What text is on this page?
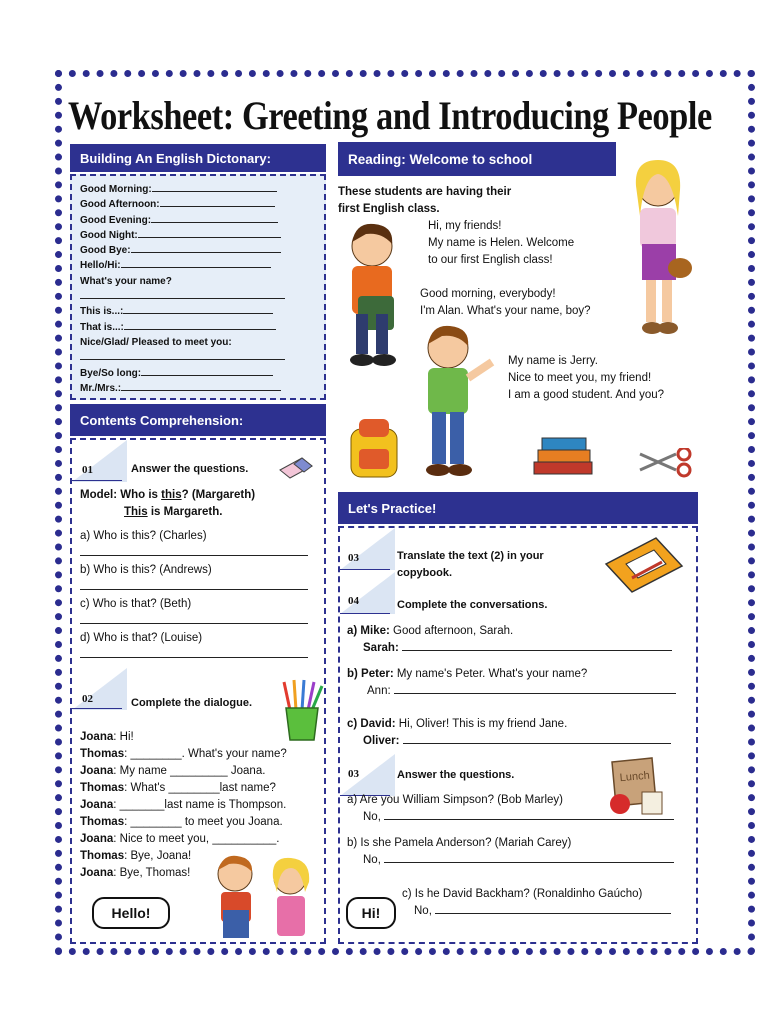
Worksheet: Greeting and Introducing People
Building An English Dictonary:
Good Morning:
Good Afternoon:
Good Evening:
Good Night:
Good Bye:
Hello/Hi:
What's your name?
This is...:
That is...:
Nice/Glad/ Pleased to meet you:
Bye/So long:
Mr./Mrs.:
Contents Comprehension:
01	Answer the questions.
Model: Who is this? (Margareth)
This is Margareth.
a) Who is this? (Charles)
b) Who is this? (Andrews)
c) Who is that? (Beth)
d) Who is that? (Louise)
02	Complete the dialogue.
Joana: Hi!
Thomas: ________. What's your name?
Joana: My name _________ Joana.
Thomas: What's ________last name?
Joana: _______last name is Thompson.
Thomas: ________ to meet you Joana.
Joana: Nice to meet you, __________.
Thomas: Bye, Joana!
Joana: Bye, Thomas!
Hello!	Hi!
Reading: Welcome to school
These students are having their
first English class.
Hi, my friends!
My name is Helen. Welcome
to our first English class!
Good morning, everybody!
I'm Alan. What's your name, boy?
My name is Jerry.
Nice to meet you, my friend!
I am a good student. And you?
Let's Practice!
03	Translate the text (2) in your
copybook.
04	Complete the conversations.
a) Mike: Good afternoon, Sarah.
Sarah:
b) Peter: My name's Peter. What's your name?
Ann:
c) David: Hi, Oliver! This is my friend Jane.
Oliver:
03	Answer the questions.	Lunch
a) Are you William Simpson? (Bob Marley)
No,
b) Is she Pamela Anderson? (Mariah Carey)
No,
c) Is he David Backham? (Ronaldinho Gaúcho)
No,
